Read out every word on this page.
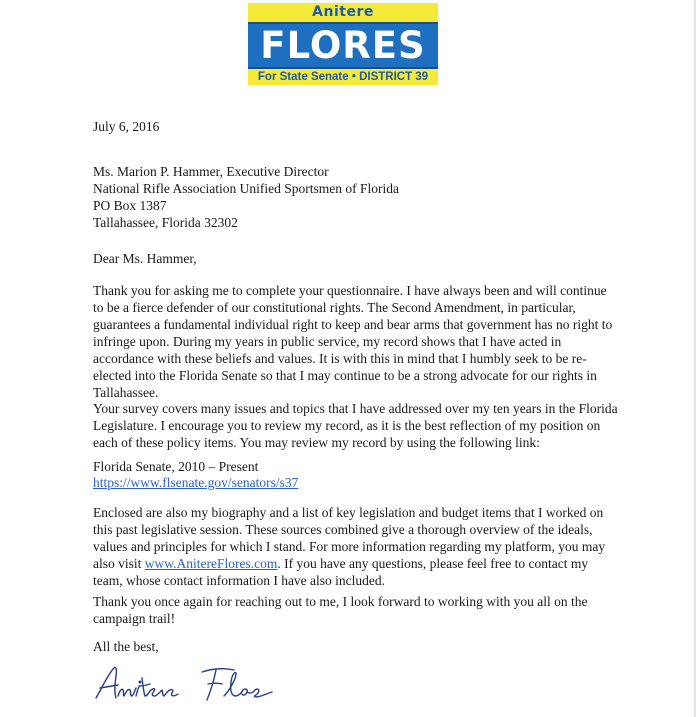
Anitere
FLORES
For State Senate • DISTRICT 39
July 6, 2016
Ms. Marion P. Hammer, Executive Director
National Rifle Association Unified Sportsmen of Florida
PO Box 1387
Tallahassee, Florida 32302
Dear Ms. Hammer,
Thank you for asking me to complete your questionnaire. I have always been and will continue
to be a fierce defender of our constitutional rights. The Second Amendment, in particular,
guarantees a fundamental individual right to keep and bear arms that government has no right to
infringe upon. During my years in public service, my record shows that I have acted in
accordance with these beliefs and values. It is with this in mind that I humbly seek to be re-
elected into the Florida Senate so that I may continue to be a strong advocate for our rights in
Tallahassee.
Your survey covers many issues and topics that I have addressed over my ten years in the Florida
Legislature. I encourage you to review my record, as it is the best reflection of my position on
each of these policy items. You may review my record by using the following link:
Florida Senate, 2010 – Present
https://www.flsenate.gov/senators/s37
Enclosed are also my biography and a list of key legislation and budget items that I worked on
this past legislative session. These sources combined give a thorough overview of the ideals,
values and principles for which I stand. For more information regarding my platform, you may
also visit www.AnitereFlores.com. If you have any questions, please feel free to contact my
team, whose contact information I have also included.
Thank you once again for reaching out to me, I look forward to working with you all on the
campaign trail!
All the best,
